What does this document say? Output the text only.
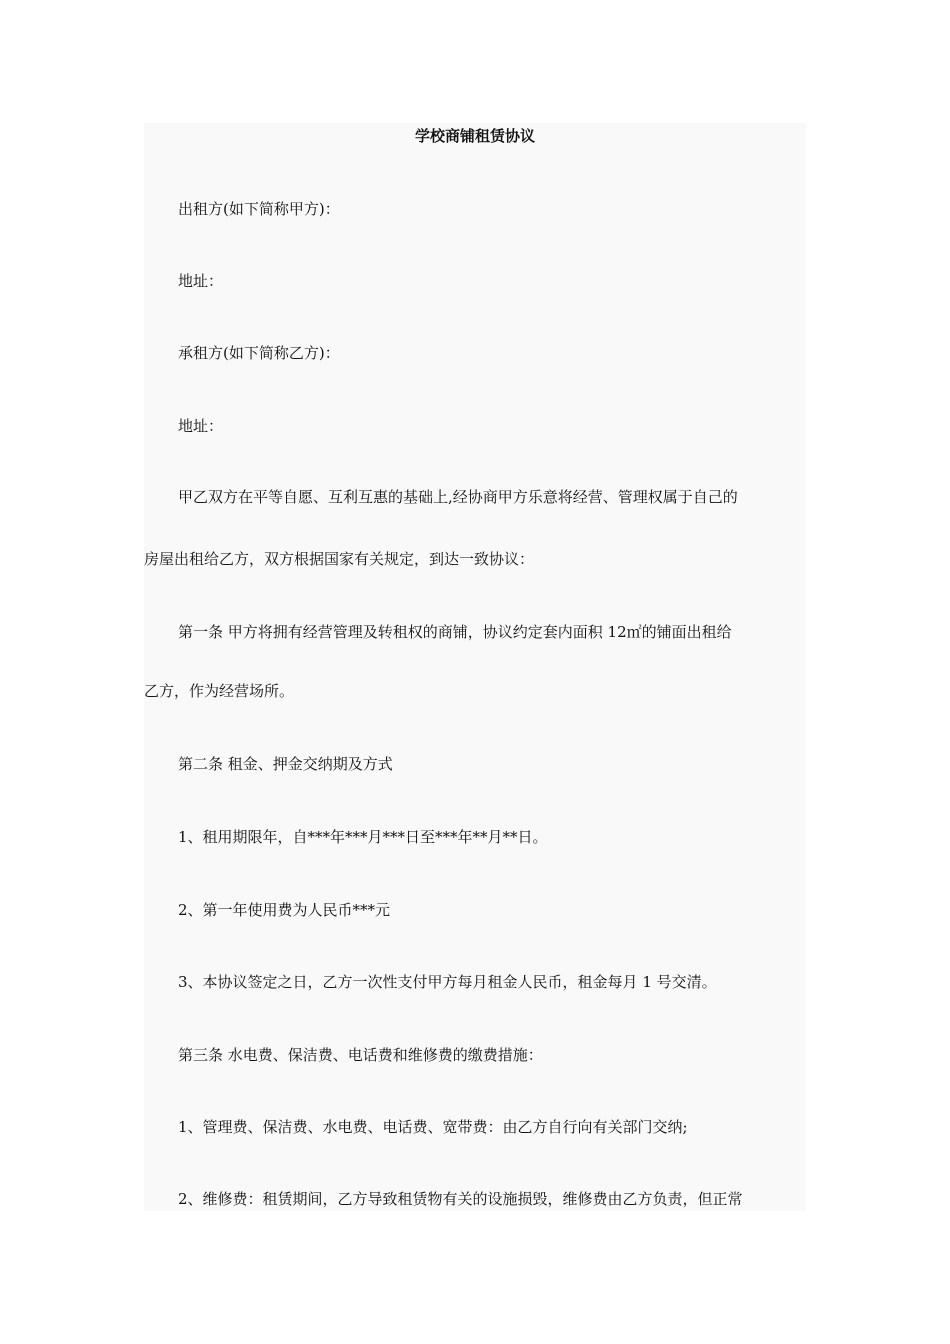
学校商铺租赁协议
出租方(如下简称甲方)：
地址：
承租方(如下简称乙方)：
地址：
甲乙双方在平等自愿、互利互惠的基础上,经协商甲方乐意将经营、管理权属于自己的
房屋出租给乙方，双方根据国家有关规定，到达一致协议：
第一条 甲方将拥有经营管理及转租权的商铺，协议约定套内面积 12㎡的铺面出租给
乙方，作为经营场所。
第二条 租金、押金交纳期及方式
1、租用期限年，自***年***月***日至***年**月**日。
2、第一年使用费为人民币***元
3、本协议签定之日，乙方一次性支付甲方每月租金人民币，租金每月 1 号交清。
第三条 水电费、保洁费、电话费和维修费的缴费措施：
1、管理费、保洁费、水电费、电话费、宽带费：由乙方自行向有关部门交纳;
2、维修费：租赁期间，乙方导致租赁物有关的设施损毁，维修费由乙方负责，但正常
